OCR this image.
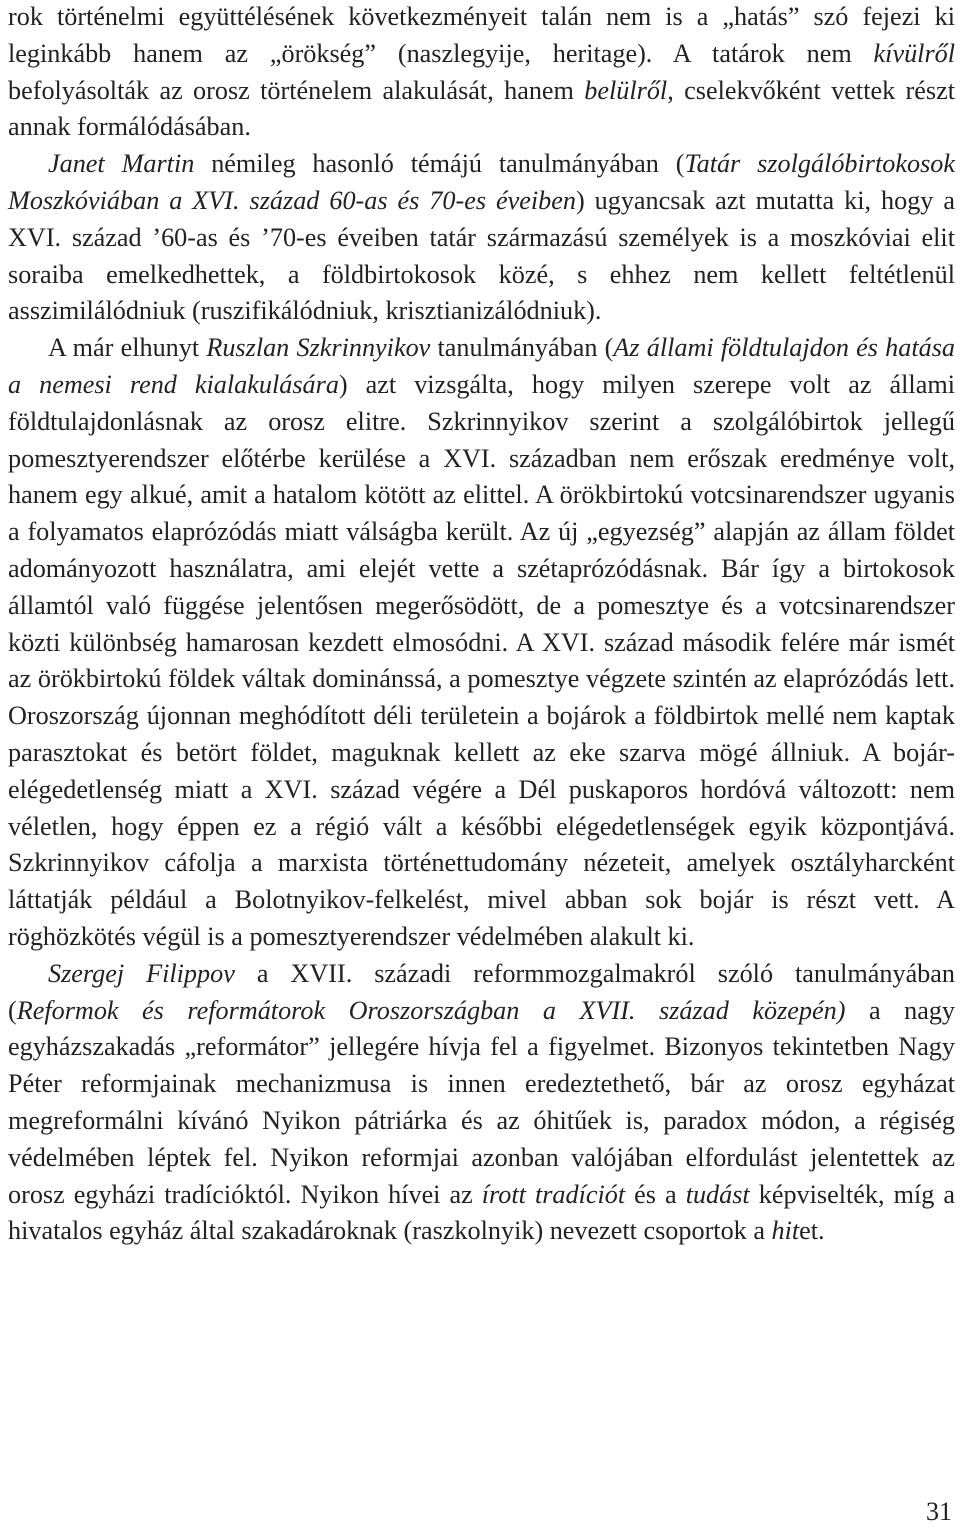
rok történelmi együttélésének következményeit talán nem is a „hatás” szó fejezi ki leginkább hanem az „örökség” (naszlegyije, heritage). A tatárok nem kívülről befolyásolták az orosz történelem alakulását, hanem belülről, cselekvőként vettek részt annak formálódásában.

Janet Martin némileg hasonló témájú tanulmányában (Tatár szolgálóbirtokosok Moszkóviában a XVI. század 60-as és 70-es éveiben) ugyancsak azt mutatta ki, hogy a XVI. század ’60-as és ’70-es éveiben tatár származású személyek is a moszkóviai elit soraiba emelkedhettek, a földbirtokosok közé, s ehhez nem kellett feltétlenül asszimilálódniuk (ruszifikálódniuk, krisztianizálódniuk).

A már elhunyt Ruszlan Szkrinnyikov tanulmányában (Az állami földtulajdon és hatása a nemesi rend kialakulására) azt vizsgálta, hogy milyen szerepe volt az állami földtulajdonlásnak az orosz elitre. Szkrinnyikov szerint a szolgálóbirtok jellegű pomesztyerendszer előtérbe kerülése a XVI. században nem erőszak eredménye volt, hanem egy alkué, amit a hatalom kötött az elittel. A örökbirtokú votcsinarendszer ugyanis a folyamatos elaprózódás miatt válságba került. Az új „egyezség” alapján az állam földet adományozott használatra, ami elejét vette a szétaprózódásnak. Bár így a birtokosok államtól való függése jelentősen megerősödött, de a pomesztye és a votcsinarendszer közti különbség hamarosan kezdett elmosódni. A XVI. század második felére már ismét az örökbirtokú földek váltak dominánssá, a pomesztye végzete szintén az elaprózódás lett. Oroszország újonnan meghódított déli területein a bojárok a földbirtok mellé nem kaptak parasztokat és betört földet, maguknak kellett az eke szarva mögé állniuk. A bojár-elégedetlenség miatt a XVI. század végére a Dél puskaporos hordóvá változott: nem véletlen, hogy éppen ez a régió vált a későbbi elégedetlenségek egyik központjává. Szkrinnyikov cáfolja a marxista történettudomány nézeteit, amelyek osztályharcként láttatják például a Bolotnyikov-felkelést, mivel abban sok bojár is részt vett. A röghözkötés végül is a pomesztyerendszer védelmében alakult ki.

Szergej Filippov a XVII. századi reformmozgalmakról szóló tanulmányában (Reformok és reformátorok Oroszországban a XVII. század közepén) a nagy egyházszakadás „reformátor” jellegére hívja fel a figyelmet. Bizonyos tekintetben Nagy Péter reformjainak mechanizmusa is innen eredeztethető, bár az orosz egyházat megreformálni kívánó Nyikon pátriárka és az óhitűek is, paradox módon, a régiség védelmében léptek fel. Nyikon reformjai azonban valójában elfordulást jelentettek az orosz egyházi tradícióktól. Nyikon hívei az írott tradíciót és a tudást képviselték, míg a hivatalos egyház által szakadároknak (raszkolnyik) nevezett csoportok a hitet.

31
